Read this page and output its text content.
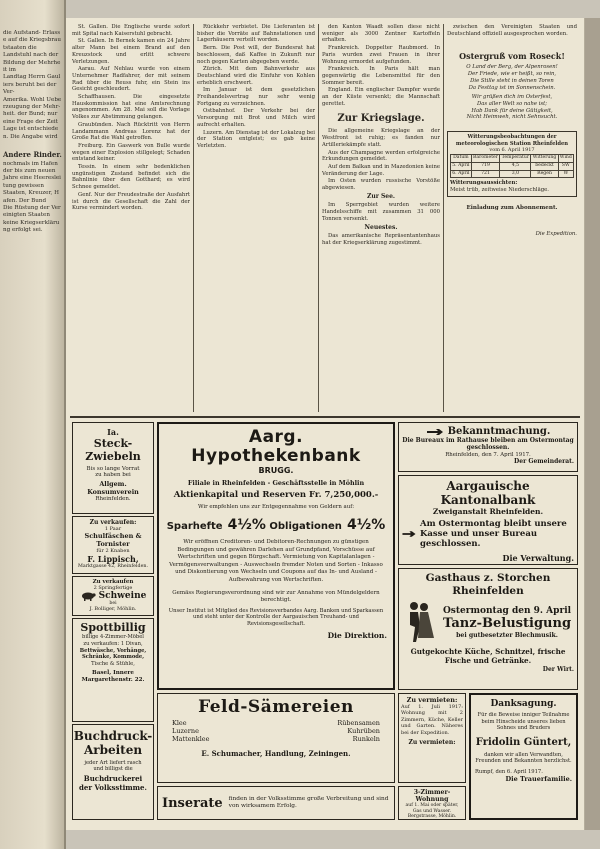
die Aufstand- Erlasse auf die Kriegsbrautstaaten die
Landstuhl nach der Bildung der Mehrheit im
Landtag Herrn Gauliers beruht bei der Ver-
Amerika. Wohl Ueberzeugung der Mehr-
heit. der Bund; nur eine Frage der Zeit
Lage ist entschieden. Die Angabe wird
Andere Rinder.
nochmals im Hafen der bis zum neuen
Jahre eine Heeresleitung gewissen
Staaten, Kreuzer, Hafen. Der Bund
Die Rüstung der Vereinigten Staaten
keine Kriegserklärung erfolgt sei.

St. Gallen. Die Englische wurde sofort mit Spital nach Kaiserstuhl gebracht.

St. Gallen. In Bernek kamen ein 24 Jahre alter Mann bei einem Brand auf den Kreuzstock und erlitt schwere Verletzungen.

Aarau. Auf Nehlau wurde von einem Unternehmer Radfahrer, der mit seinem Rad über die Reuss fuhr, ein Stein ins Gesicht geschleudert.

Schaffhausen. Die eingesetzte Hauskommission hat eine Amtsrechnung angenommen. Am 28. Mai soll die Vorlage Volkes zur Abstimmung gelangen.

Graubünden. Nach Rücktritt von Herrn Landammann Andreas Lorenz hat der Große Rat die Wahl getroffen.

Freiburg. Ein Gaswerk von Bulle wurde wegen einer Explosion stillgelegt; Schaden entstand keiner.

Tessin. In einem sehr bedenklichen ungünstigen Zustand befindet sich die Bahnlinie über den Gotthard; es wird Schnee gemeldet.

Genf. Nur der Freudestraße der Ausfahrt ist durch die Gesellschaft die Zahl der Kurse vermindert worden.

Rückkehr verbietet. Die Lieferanten ist bisher die Vorräte auf Bahnstationen und Lagerhäusern verteilt worden.

Bern. Die Post will, der Bundesrat hat beschlossen, daß Kaffee in Zukunft nur noch gegen Karten abgegeben werde.

Zürich. Mit dem Bahnverkehr aus Deutschland wird die Einfuhr von Kohlen erheblich erschwert.

Im Januar ist dem gesetzlichen Freihandelsvertrag nur sehr wenig Fortgang zu verzeichnen.

Ostbahnhof. Der Verkehr bei der Versorgung mit Brot und Milch wird aufrecht erhalten.

Luzern. Am Dienstag ist der Lokalzug bei der Station entgleist; es gab keine Verletzten.

den Kanton Waadt sollen diese nicht weniger als 3000 Zentner Kartoffeln erhalten.

Frankreich. Doppelter Raubmord. In Paris wurden zwei Frauen in ihrer Wohnung ermordet aufgefunden.

Frankreich. In Paris hält man gegenwärtig die Lebensmittel für den Sommer bereit.

England. Ein englischer Dampfer wurde an der Küste versenkt; die Mannschaft gerettet.

Zur Kriegslage.

Die allgemeine Kriegslage an der Westfront ist ruhig; es fanden nur Artilleriekämpfe statt.

Aus der Champagne werden erfolgreiche Erkundungen gemeldet.

Auf dem Balkan und in Mazedonien keine Veränderung der Lage.

Im Osten wurden russische Vorstöße abgewiesen.

Zur See.

Im Sperrgebiet wurden weitere Handelsschiffe mit zusammen 31 000 Tonnen versenkt.

Neuestes.

Das amerikanische Repräsentantenhaus hat der Kriegserklärung zugestimmt.

zwischen den Vereinigten Staaten und Deutschland offiziell ausgesprochen worden.

Ostergruß vom Roseck!
O Land der Berg, der Alpenrosen!
Der Friede, wie er heißt, so rein,
Die Stille steht in deinen Toren
Da Festtag ist im Sonnenschein.
Wir grüßen dich im Osterfest,
Das aller Welt so nahe ist;
Hab Dank für deine Gütigkeit,
Nicht Heimweh, nicht Sehnsucht.
Witterungsbeobachtungen der meteorologischen Station Rheinfelden
vom 6. April 1917
Datum	Barometer	Temperatur	Witterung	Wind
5. April	719	4,5	bedeckt	SW
6. April	721	3,0	Regen	W
Witterungsaussichten:
Meist trüb, zeitweise Niederschläge.
Einladung zum Abonnement.
Die Expedition.
Ia.
Steck-Zwiebeln
Bis so lange Vorrat
zu haben bei
Allgem. Konsumverein
Rheinfelden.
Zu verkaufen:
1 Paar
Schulfäschen & Tornister
für 2 Knaben
F. Lippisch,
Marktgasse 42, Rheinfelden.
Zu verkaufen
2 Springfertige
Schweine
bei
J. Bolliger, Möhlin.
Spottbillig
billige 4-Zimmer-Möbel
zu verkaufen: 1 Divan,
Bettwäsche, Vorhänge,
Schränke, Kommode,
Tische & Stühle,
Basel, Innere Margarethenstr. 22.
Buchdruck-
Arbeiten
jeder Art liefert rasch
und billigst die
Buchdruckerei
der Volksstimme.
Aarg. Hypothekenbank
BRUGG.
Filiale in Rheinfelden - Geschäftsstelle in Möhlin
Aktienkapital und Reserven Fr. 7,250,000.-
Wir empfehlen uns zur Entgegennahme von Geldern auf:
Sparhefte 4½% Obligationen 4½%
Wir eröffnen Creditoren- und Debitoren-Rechnungen zu günstigen Bedingungen und gewähren Darlehen auf Grundpfand, Vorschüsse auf Wertschriften und gegen Bürgschaft. Vermietung von Kapitalanlagen - Vermögensverwaltungen - Auswechseln fremder Noten und Sorten - Inkasso und Diskontierung von Wechseln und Coupons auf das In- und Ausland - Aufbewahrung von Wertschriften.
Gemäss Regierungsverordnung sind wir zur Annahme von Mündelgeldern berechtigt.
Unser Institut ist Mitglied des Revisionsverbandes Aarg. Banken und Sparkassen und steht unter der Kontrolle der Aargauischen Treuhand- und Revisionsgesellschaft.
Die Direktion.
Feld-Sämereien
Klee
Luzerne
Mattenklee
Rübensamen
Kuhrüben
Runkeln
E. Schumacher, Handlung, Zeiningen.
Inserate finden in der Volksstimme große Verbreitung und sind von wirksamem Erfolg.
Zu vermieten:
Auf 1. Juli 1917: Wohnung mit 2 Zimmern, Küche, Keller und Garten. Näheres bei der Expedition.
Zu vermieten:
3-Zimmer-Wohnung
auf 1. Mai oder später, Gas und Wasser. Bergstrasse, Möhlin.
Bekanntmachung.
Die Bureaux im Rathause bleiben am Ostermontag geschlossen.
Rheinfelden, den 7. April 1917.
Der Gemeinderat.
Aargauische Kantonalbank
Zweiganstalt Rheinfelden.
Am Ostermontag bleibt unsere Kasse und unser Bureau geschlossen.
Die Verwaltung.
Gasthaus z. Storchen Rheinfelden
Ostermontag den 9. April
Tanz-Belustigung
bei gutbesetzter Blechmusik.
Gutgekochte Küche, Schnitzel, frische Fische und Getränke.
Der Wirt.
Danksagung.
Für die Beweise inniger Teilnahme beim Hinscheide unseres lieben Sohnes und Bruders
Fridolin Güntert,
danken wir allen Verwandten, Freunden und Bekannten herzlichst.
Rumpf, den 6. April 1917.
Die Trauerfamilie.
